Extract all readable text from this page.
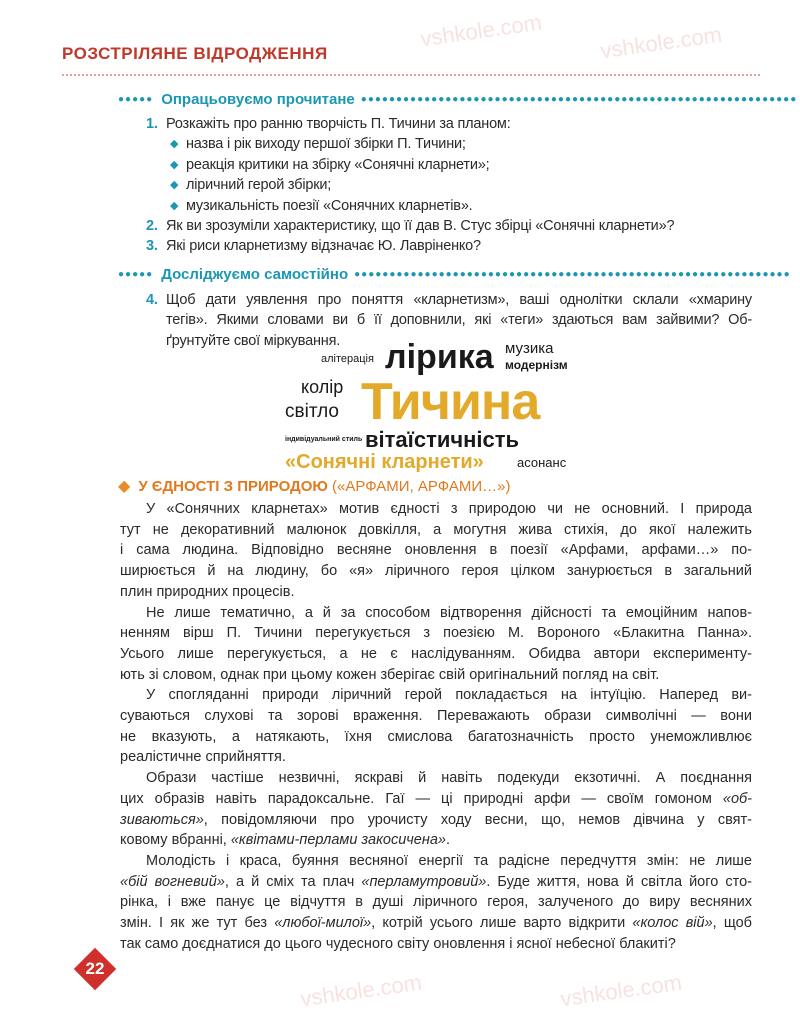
vshkole.com	vshkole.com
vshkole.com	vshkole.com
РОЗСТРІЛЯНЕ ВІДРОДЖЕННЯ
●●●●● Опрацьовуємо прочитане ●●●●●●●●●●●●●●●●●●●●●●●●●●●●●●●●●●●●●●●●●●●●●●●●●●●●●●●●●●●●●●
1. Розкажіть про ранню творчість П. Тичини за планом:
◆ назва і рік виходу першої збірки П. Тичини;
◆ реакція критики на збірку «Сонячні кларнети»;
◆ ліричний герой збірки;
◆ музикальність поезії «Сонячних кларнетів».
2. Як ви зрозуміли характеристику, що її дав В. Стус збірці «Сонячні кларнети»?
3. Які риси кларнетизму відзначає Ю. Лавріненко?
●●●●● Досліджуємо самостійно ●●●●●●●●●●●●●●●●●●●●●●●●●●●●●●●●●●●●●●●●●●●●●●●●●●●●●●●●●●●●●●
4. Щоб дати уявлення про поняття «кларнетизм», ваші однолітки склали «хмарину
тегів». Якими словами ви б її доповнили, які «теги» здаються вам зайвими? Об-
ґрунтуйте свої міркування.
алітерація лірика музика
модернізм
колір Тичина
світло
індивідуальний стиль вітаїстичність
«Сонячні кларнети»	асонанс
◆ У ЄДНОСТІ З ПРИРОДОЮ («АРФАМИ, АРФАМИ…»)
У «Сонячних кларнетах» мотив єдності з природою чи не основний. І природа
тут не декоративний малюнок довкілля, а могутня жива стихія, до якої належить
і сама людина. Відповідно весняне оновлення в поезії «Арфами, арфами…» по-
ширюється й на людину, бо «я» ліричного героя цілком занурюється в загальний
плин природних процесів.
Не лише тематично, а й за способом відтворення дійсності та емоційним напов-
ненням вірш П. Тичини перегукується з поезією М. Вороного «Блакитна Панна».
Усього лише перегукується, а не є наслідуванням. Обидва автори експерименту-
ють зі словом, однак при цьому кожен зберігає свій оригінальний погляд на світ.
У спогляданні природи ліричний герой покладається на інтуїцію. Наперед ви-
суваються слухові та зорові враження. Переважають образи символічні — вони
не вказують, а натякають, їхня смислова багатозначність просто унеможливлює
реалістичне сприйняття.
Образи частіше незвичні, яскраві й навіть подекуди екзотичні. А поєднання
цих образів навіть парадоксальне. Гаї — ці природні арфи — своїм гомоном «об-
зиваються», повідомляючи про урочисту ходу весни, що, немов дівчина у свят-
ковому вбранні, «квітами-перлами закосичена».
Молодість і краса, буяння весняної енергії та радісне передчуття змін: не лише
«бій вогневий», а й сміх та плач «перламутровий». Буде життя, нова й світла його сто-
рінка, і вже панує це відчуття в душі ліричного героя, залученого до виру весняних
змін. І як же тут без «любої-милої», котрій усього лише варто відкрити «колос вій», щоб
так само доєднатися до цього чудесного світу оновлення і ясної небесної блакиті?
22
